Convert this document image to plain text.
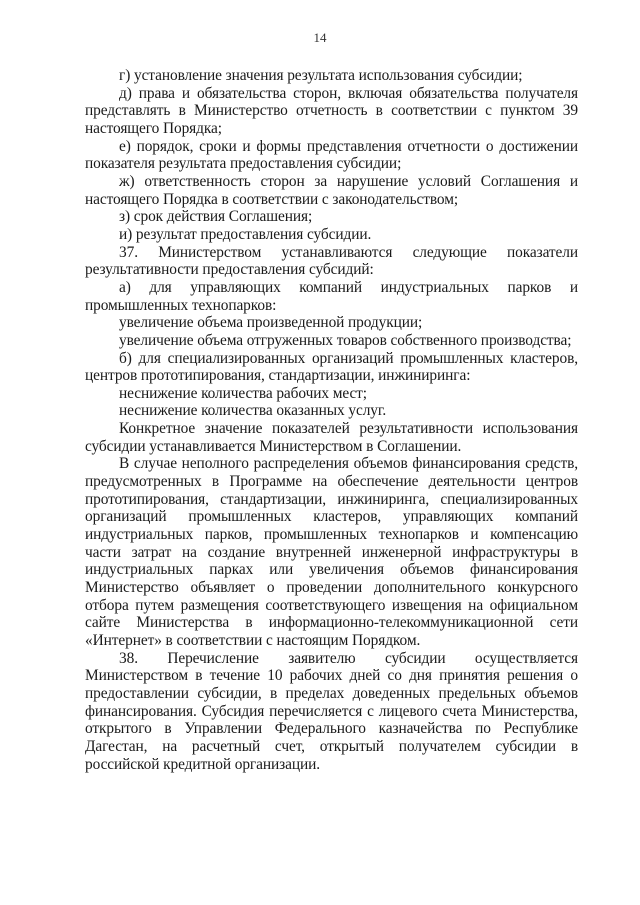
14

г) установление значения результата использования субсидии;

д) права и обязательства сторон, включая обязательства получателя представлять в Министерство отчетность в соответствии с пунктом 39 настоящего Порядка;

е) порядок, сроки и формы представления отчетности о достижении показателя результата предоставления субсидии;

ж) ответственность сторон за нарушение условий Соглашения и настоящего Порядка в соответствии с законодательством;

з) срок действия Соглашения;

и) результат предоставления субсидии.

37. Министерством устанавливаются следующие показатели результативности предоставления субсидий:

а) для управляющих компаний индустриальных парков и промышленных технопарков:

увеличение объема произведенной продукции;

увеличение объема отгруженных товаров собственного производства;

б) для специализированных организаций промышленных кластеров, центров прототипирования, стандартизации, инжиниринга:

неснижение количества рабочих мест;

неснижение количества оказанных услуг.

Конкретное значение показателей результативности использования субсидии устанавливается Министерством в Соглашении.

В случае неполного распределения объемов финансирования средств, предусмотренных в Программе на обеспечение деятельности центров прототипирования, стандартизации, инжиниринга, специализированных организаций промышленных кластеров, управляющих компаний индустриальных парков, промышленных технопарков и компенсацию части затрат на создание внутренней инженерной инфраструктуры в индустриальных парках или увеличения объемов финансирования Министерство объявляет о проведении дополнительного конкурсного отбора путем размещения соответствующего извещения на официальном сайте Министерства в информационно-телекоммуникационной сети «Интернет» в соответствии с настоящим Порядком.

38. Перечисление заявителю субсидии осуществляется Министерством в течение 10 рабочих дней со дня принятия решения о предоставлении субсидии, в пределах доведенных предельных объемов финансирования. Субсидия перечисляется с лицевого счета Министерства, открытого в Управлении Федерального казначейства по Республике Дагестан, на расчетный счет, открытый получателем субсидии в российской кредитной организации.
